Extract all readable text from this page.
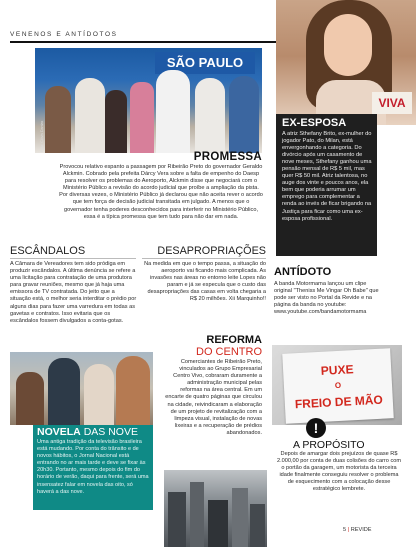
VENENOS E ANTÍDOTOS
SÃO PAULO
Foto: Clóvis Dantas
PROMESSA
Provocou relativo espanto a passagem por Ribeirão Preto do governador Geraldo Alckmin. Cobrado pela prefeita Dárcy Vera sobre a falta de empenho do Daesp para resolver os problemas do Aeroporto, Alckmin disse que negociará com o Ministério Público a revisão do acordo judicial que proíbe a ampliação da pista. Por diversas vezes, o Ministério Público já declarou que não aceita rever o acordo que tem força de decisão judicial transitada em julgado. A menos que o governador tenha poderes desconhecidos para interferir no Ministério Público, essa é a típica promessa que tem tudo para não dar em nada.
VIVA
EX-ESPOSA
A atriz Sthefany Brito, ex-mulher do jogador Pato, do Milan, está envergonhando a categoria. Do divórcio após um casamento de nove meses, Sthefany ganhou uma pensão mensal de R$ 5 mil, mas quer R$ 50 mil. Atriz talentosa, no auge dos vinte e poucos anos, ela bem que poderia arrumar um emprego para complementar a renda ao invés de ficar brigando na Justiça para ficar como uma ex-esposa profissional.
ESCÂNDALOS
A Câmara de Vereadores tem sido pródiga em produzir escândalos. A última denúncia se refere a uma licitação para contratação de uma produtora para gravar reuniões, mesmo que já haja uma emissora de TV contratada. Do jeito que a situação está, o melhor seria interditar o prédio por alguns dias para fazer uma varredura em todas as gavetas e contratos. Isso evitaria que os escândalos fossem divulgados a conta-gotas.
DESAPROPRIAÇÕES
Na medida em que o tempo passa, a situação do aeroporto vai ficando mais complicada. As invasões nas áreas no entorno leite Lopes não param e já se especula que o custo das desapropriações das casas em volta chegaria a R$ 20 milhões. Xii Marquinho!!
ANTÍDOTO
A banda Motormama lançou um clipe original "Theniss Me Vingar Oh Babe" que pode ser visto no Portal da Revide e na página da banda no youtube: www.youtube.com/bandamotormama
NOVELA DAS NOVE
Uma antiga tradição da televisão brasileira está mudando. Por conta do trânsito e de novos hábitos, o Jornal Nacional está entrando no ar mais tarde e deve se fixar às 20h30. Portanto, mesmo depois do fim do horário de verão, daqui para frente, será uma insensatez falar em novela das oito, só haverá a das nove.
REFORMA
DO CENTRO
Comerciantes de Ribeirão Preto, vinculados ao Grupo Empresarial Centro Vivo, cobraram duramente a administração municipal pelas reformas na área central. Em um encarte de quatro páginas que circulou na cidade, reivindicaram a elaboração de um projeto de revitalização com a limpeza visual, instalação de novas lixeiras e a recuperação de prédios abandonados.
PUXE
O
FREIO DE MÃO
!
A PROPÓSITO
Depois de amargar dois prejuízos de quase R$ 2.000,00 por conta de duas colisões do carro com o portão da garagem, um motorista da terceira idade finalmente conseguiu resolver o problema de esquecimento com a colocação desse estratégico lembrete.
5 | REVIDE
